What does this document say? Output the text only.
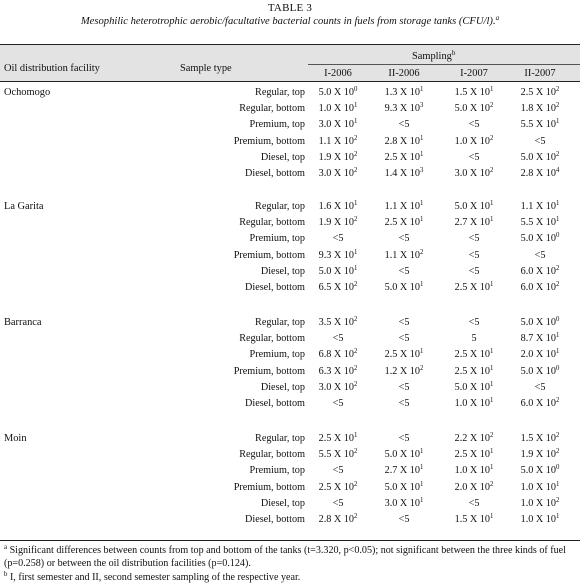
TABLE 3
Mesophilic heterotrophic aerobic/facultative bacterial counts in fuels from storage tanks (CFU/l).$^a$
Oil distribution facility	Sample type
Sampling$^b$
I-2006	II-2006	I-2007	II-2007
Ochomogo	Regular, top	5.0 X $10^0$	1.3 X $10^1$	1.5 X $10^1$	2.5 X $10^2$
Regular, bottom	1.0 X $10^1$	9.3 X $10^3$	5.0 X $10^2$	1.8 X $10^2$
Premium, top	3.0 X $10^1$	<5	<5	5.5 X $10^1$
Premium, bottom	1.1 X $10^2$	2.8 X $10^1$	1.0 X $10^2$	<5
Diesel, top	1.9 X $10^2$	2.5 X $10^1$	<5	5.0 X $10^2$
Diesel, bottom	3.0 X $10^2$	1.4 X $10^3$	3.0 X $10^2$	2.8 X $10^4$
La Garita	Regular, top	1.6 X $10^1$	1.1 X $10^1$	5.0 X $10^1$	1.1 X $10^1$
Regular, bottom	1.9 X $10^2$	2.5 X $10^1$	2.7 X $10^1$	5.5 X $10^1$
Premium, top	<5	<5	<5	5.0 X $10^0$
Premium, bottom	9.3 X $10^1$	1.1 X $10^2$	<5	<5
Diesel, top	5.0 X $10^1$	<5	<5	6.0 X $10^2$
Diesel, bottom	6.5 X $10^2$	5.0 X $10^1$	2.5 X $10^1$	6.0 X $10^2$
Barranca	Regular, top	3.5 X $10^2$	<5	<5	5.0 X $10^0$
Regular, bottom	<5	<5	5	8.7 X $10^1$
Premium, top	6.8 X $10^2$	2.5 X $10^1$	2.5 X $10^1$	2.0 X $10^1$
Premium, bottom	6.3 X $10^2$	1.2 X $10^2$	2.5 X $10^1$	5.0 X $10^0$
Diesel, top	3.0 X $10^2$	<5	5.0 X $10^1$	<5
Diesel, bottom	<5	<5	1.0 X $10^1$	6.0 X $10^2$
Moin	Regular, top	2.5 X $10^1$	<5	2.2 X $10^2$	1.5 X $10^2$
Regular, bottom	5.5 X $10^2$	5.0 X $10^1$	2.5 X $10^1$	1.9 X $10^2$
Premium, top	<5	2.7 X $10^1$	1.0 X $10^1$	5.0 X $10^0$
Premium, bottom	2.5 X $10^2$	5.0 X $10^1$	2.0 X $10^2$	1.0 X $10^1$
Diesel, top	<5	3.0 X $10^1$	<5	1.0 X $10^2$
Diesel, bottom	2.8 X $10^2$	<5	1.5 X $10^1$	1.0 X $10^1$
$^a$ Significant differences between counts from top and bottom of the tanks (t=3.320, p<0.05); not significant between the three kinds of fuel (p=0.258) or between the oil distribution facilities (p=0.124).
$^b$ I, first semester and II, second semester sampling of the respective year.
